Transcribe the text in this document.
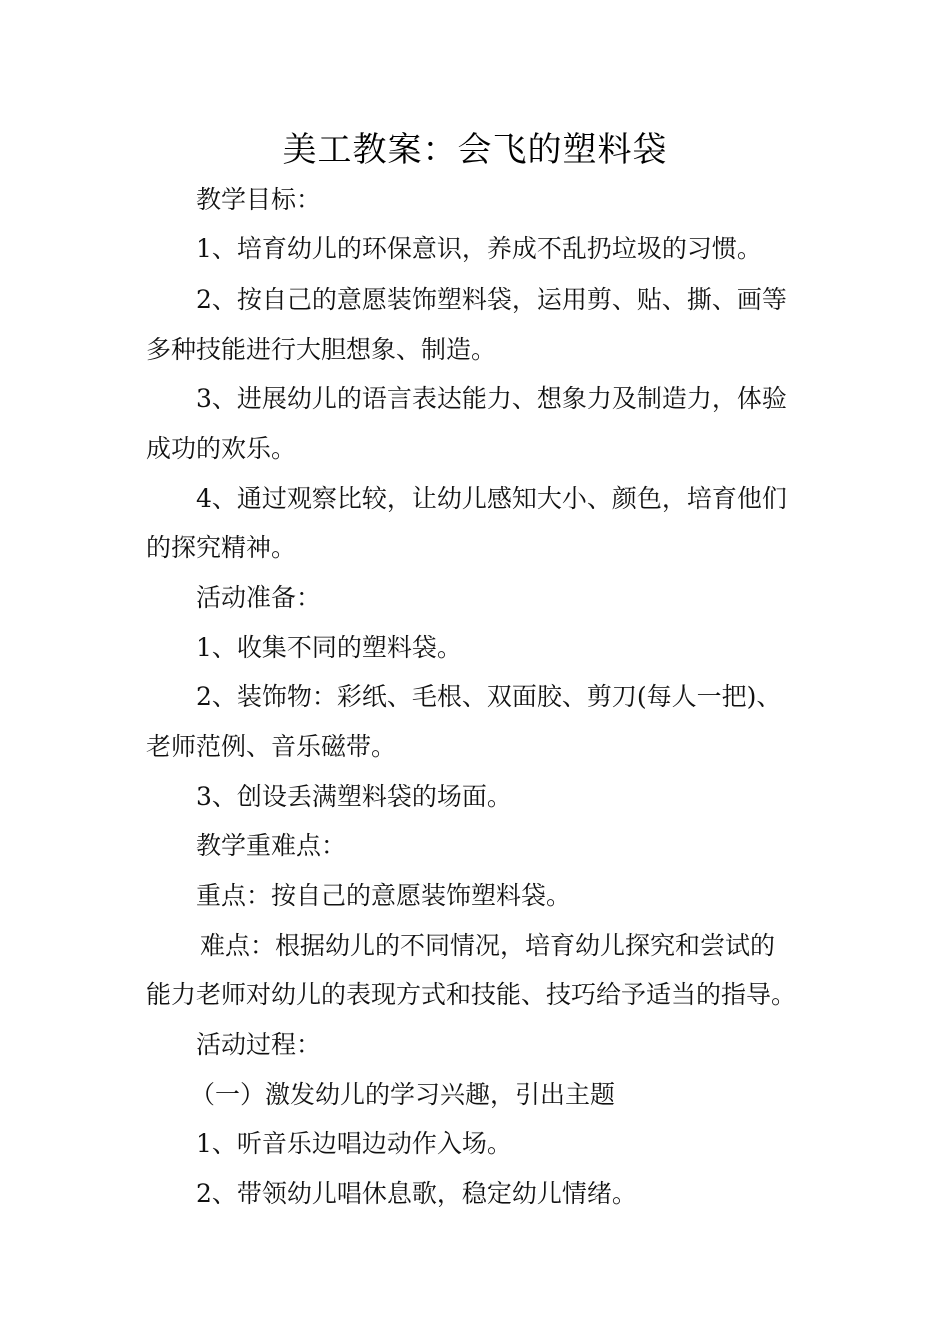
美工教案：会飞的塑料袋
教学目标：
1、培育幼儿的环保意识，养成不乱扔垃圾的习惯。
2、按自己的意愿装饰塑料袋，运用剪、贴、撕、画等
多种技能进行大胆想象、制造。
3、进展幼儿的语言表达能力、想象力及制造力，体验
成功的欢乐。
4、通过观察比较，让幼儿感知大小、颜色，培育他们
的探究精神。
活动准备：
1、收集不同的塑料袋。
2、装饰物：彩纸、毛根、双面胶、剪刀(每人一把)、
老师范例、音乐磁带。
3、创设丢满塑料袋的场面。
教学重难点：
重点：按自己的意愿装饰塑料袋。
难点：根据幼儿的不同情况，培育幼儿探究和尝试的
能力老师对幼儿的表现方式和技能、技巧给予适当的指导。
活动过程：
（一）激发幼儿的学习兴趣，引出主题
1、听音乐边唱边动作入场。
2、带领幼儿唱休息歌，稳定幼儿情绪。
